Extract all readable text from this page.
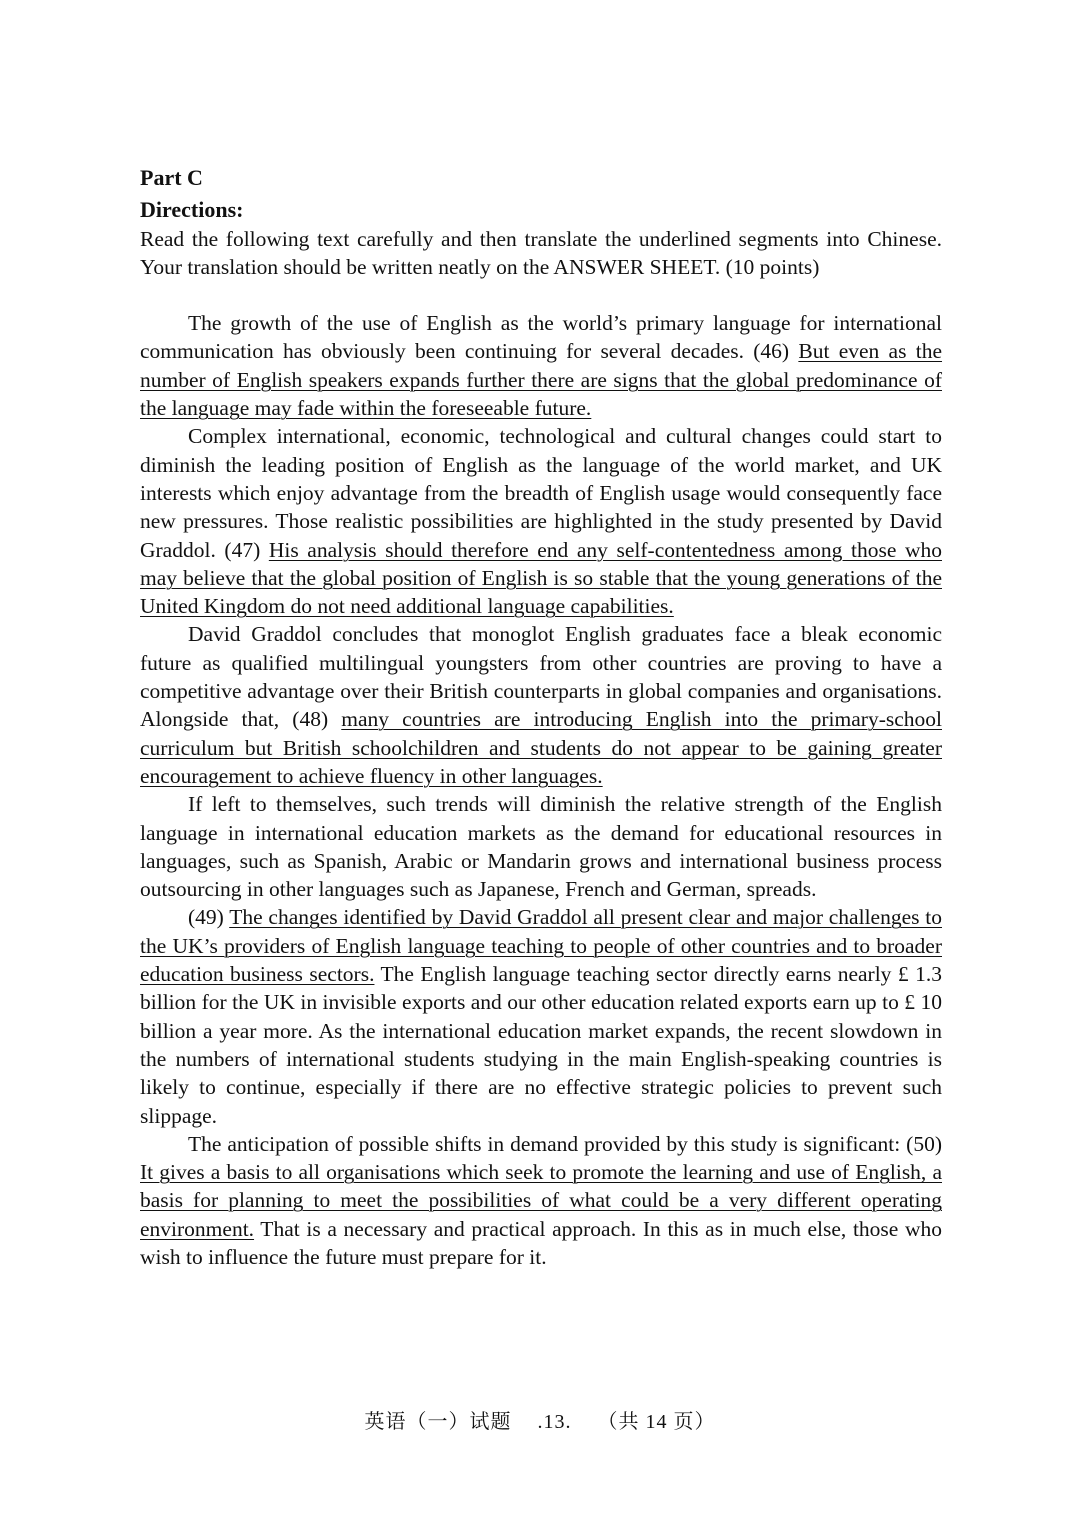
Part C

Directions:

Read the following text carefully and then translate the underlined segments into Chinese. Your translation should be written neatly on the ANSWER SHEET. (10 points)

The growth of the use of English as the world’s primary language for international communication has obviously been continuing for several decades. (46) But even as the number of English speakers expands further there are signs that the global predominance of the language may fade within the foreseeable future.

Complex international, economic, technological and cultural changes could start to diminish the leading position of English as the language of the world market, and UK interests which enjoy advantage from the breadth of English usage would consequently face new pressures. Those realistic possibilities are highlighted in the study presented by David Graddol. (47) His analysis should therefore end any self-contentedness among those who may believe that the global position of English is so stable that the young generations of the United Kingdom do not need additional language capabilities.

David Graddol concludes that monoglot English graduates face a bleak economic future as qualified multilingual youngsters from other countries are proving to have a competitive advantage over their British counterparts in global companies and organisations. Alongside that, (48) many countries are introducing English into the primary-school curriculum but British schoolchildren and students do not appear to be gaining greater encouragement to achieve fluency in other languages.

If left to themselves, such trends will diminish the relative strength of the English language in international education markets as the demand for educational resources in languages, such as Spanish, Arabic or Mandarin grows and international business process outsourcing in other languages such as Japanese, French and German, spreads.

(49) The changes identified by David Graddol all present clear and major challenges to the UK’s providers of English language teaching to people of other countries and to broader education business sectors. The English language teaching sector directly earns nearly £ 1.3 billion for the UK in invisible exports and our other education related exports earn up to £ 10 billion a year more. As the international education market expands, the recent slowdown in the numbers of international students studying in the main English-speaking countries is likely to continue, especially if there are no effective strategic policies to prevent such slippage.

The anticipation of possible shifts in demand provided by this study is significant: (50) It gives a basis to all organisations which seek to promote the learning and use of English, a basis for planning to meet the possibilities of what could be a very different operating environment. That is a necessary and practical approach. In this as in much else, those who wish to influence the future must prepare for it.

英语（一）试题 .13. （共 14 页）
